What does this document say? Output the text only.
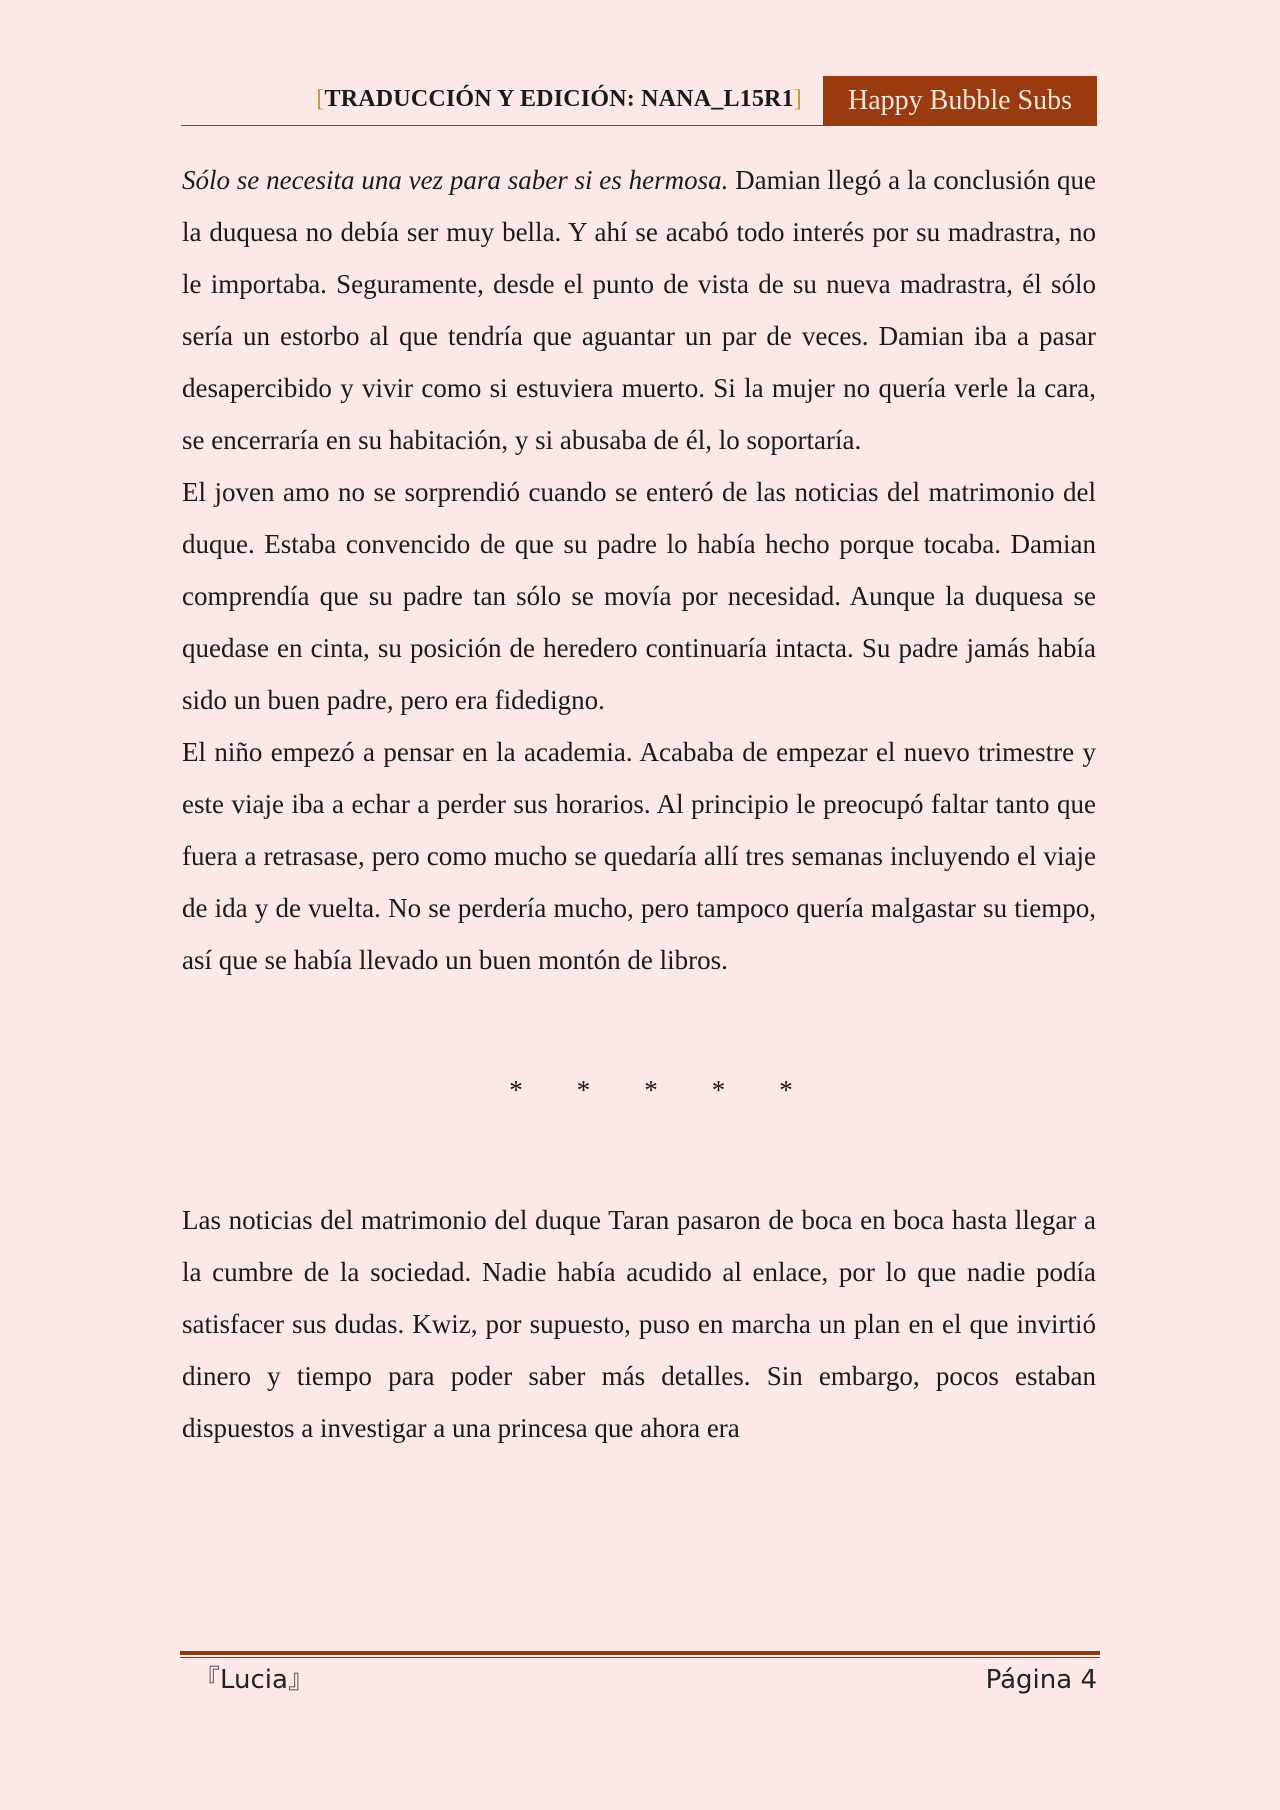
[TRADUCCIÓN Y EDICIÓN: NANA_L15R1]	Happy Bubble Subs

Sólo se necesita una vez para saber si es hermosa. Damian llegó a la conclusión que la duquesa no debía ser muy bella. Y ahí se acabó todo interés por su madrastra, no le importaba. Seguramente, desde el punto de vista de su nueva madrastra, él sólo sería un estorbo al que tendría que aguantar un par de veces. Damian iba a pasar desapercibido y vivir como si estuviera muerto. Si la mujer no quería verle la cara, se encerraría en su habitación, y si abusaba de él, lo soportaría.

El joven amo no se sorprendió cuando se enteró de las noticias del matrimonio del duque. Estaba convencido de que su padre lo había hecho porque tocaba. Damian comprendía que su padre tan sólo se movía por necesidad. Aunque la duquesa se quedase en cinta, su posición de heredero continuaría intacta. Su padre jamás había sido un buen padre, pero era fidedigno.

El niño empezó a pensar en la academia. Acababa de empezar el nuevo trimestre y este viaje iba a echar a perder sus horarios. Al principio le preocupó faltar tanto que fuera a retrasase, pero como mucho se quedaría allí tres semanas incluyendo el viaje de ida y de vuelta. No se perdería mucho, pero tampoco quería malgastar su tiempo, así que se había llevado un buen montón de libros.

* * * * *

Las noticias del matrimonio del duque Taran pasaron de boca en boca hasta llegar a la cumbre de la sociedad. Nadie había acudido al enlace, por lo que nadie podía satisfacer sus dudas. Kwiz, por supuesto, puso en marcha un plan en el que invirtió dinero y tiempo para poder saber más detalles. Sin embargo, pocos estaban dispuestos a investigar a una princesa que ahora era

『Lucia』	Página 4
